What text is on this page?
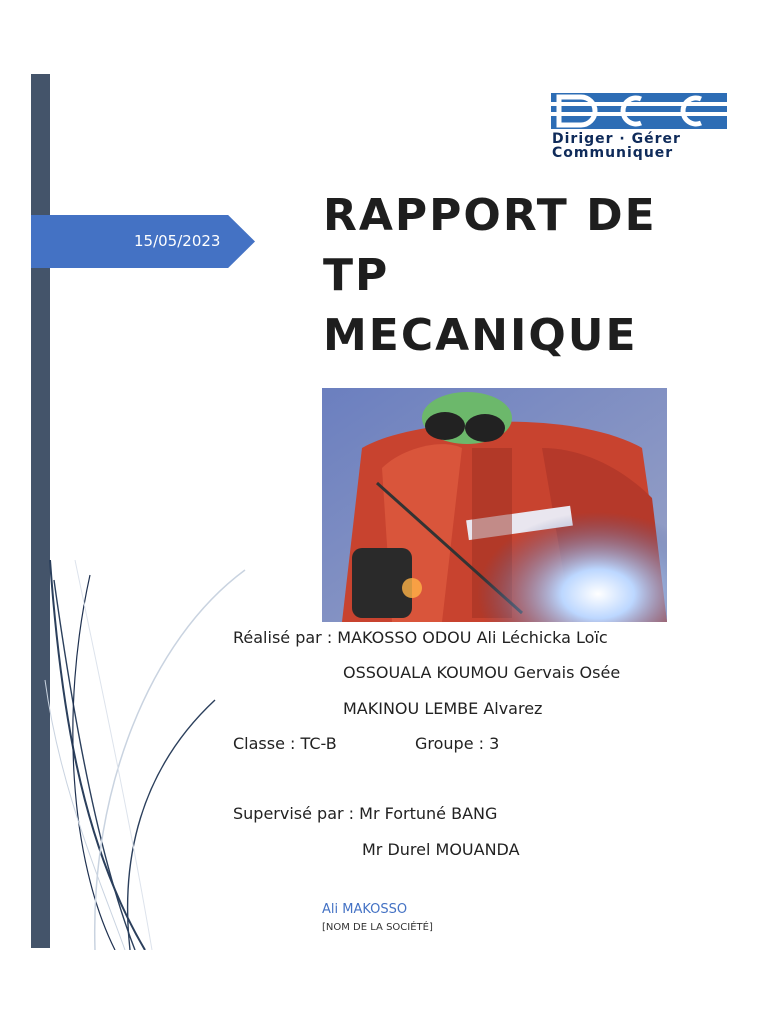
15/05/2023
Diriger · Gérer
Communiquer
RAPPORT DE
TP
MECANIQUE
Réalisé par : MAKOSSO ODOU Ali Léchicka Loïc
OSSOUALA KOUMOU Gervais Osée
MAKINOU LEMBE Alvarez
Classe : TC-B	Groupe : 3
Supervisé par : Mr Fortuné BANG
Mr Durel MOUANDA
Ali MAKOSSO
[NOM DE LA SOCIÉTÉ]
